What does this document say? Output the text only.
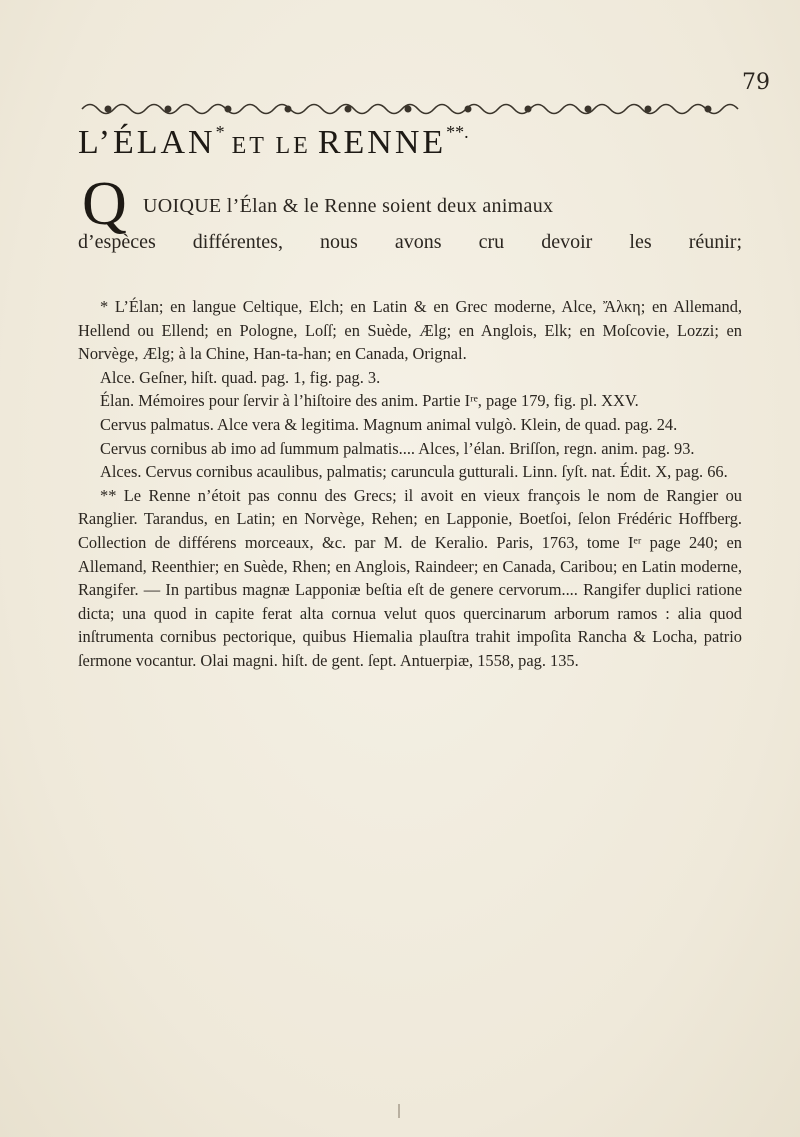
79
L’ÉLAN* ET LE RENNE**.
Q UOIQUE l’Élan & le Renne soient deux animaux
d’espèces différentes, nous avons cru devoir les réunir;

* L’Élan; en langue Celtique, Elch; en Latin & en Grec moderne, Alce, Ἄλκη; en Allemand, Hellend ou Ellend; en Pologne, Loſſ; en Suède, Ælg; en Anglois, Elk; en Moſcovie, Lozzi; en Norvège, Ælg; à la Chine, Han-ta-han; en Canada, Orignal.

Alce. Geſner, hiſt. quad. pag. 1, fig. pag. 3.

Élan. Mémoires pour ſervir à l’hiſtoire des anim. Partie Iʳᵉ, page 179, fig. pl. XXV.

Cervus palmatus. Alce vera & legitima. Magnum animal vulgò. Klein, de quad. pag. 24.

Cervus cornibus ab imo ad ſummum palmatis.... Alces, l’élan. Briſſon, regn. anim. pag. 93.

Alces. Cervus cornibus acaulibus, palmatis; caruncula gutturali. Linn. ſyſt. nat. Édit. X, pag. 66.

** Le Renne n’étoit pas connu des Grecs; il avoit en vieux françois le nom de Rangier ou Ranglier. Tarandus, en Latin; en Norvège, Rehen; en Lapponie, Boetſoi, ſelon Frédéric Hoffberg. Collection de différens morceaux, &c. par M. de Keralio. Paris, 1763, tome Iᵉʳ page 240; en Allemand, Reenthier; en Suède, Rhen; en Anglois, Raindeer; en Canada, Caribou; en Latin moderne, Rangifer. — In partibus magnæ Lapponiæ beſtia eſt de genere cervorum.... Rangifer duplici ratione dicta; una quod in capite ferat alta cornua velut quos quercinarum arborum ramos : alia quod inſtrumenta cornibus pectorique, quibus Hiemalia plauſtra trahit impoſita Rancha & Locha, patrio ſermone vocantur. Olai magni. hiſt. de gent. ſept. Antuerpiæ, 1558, pag. 135.
